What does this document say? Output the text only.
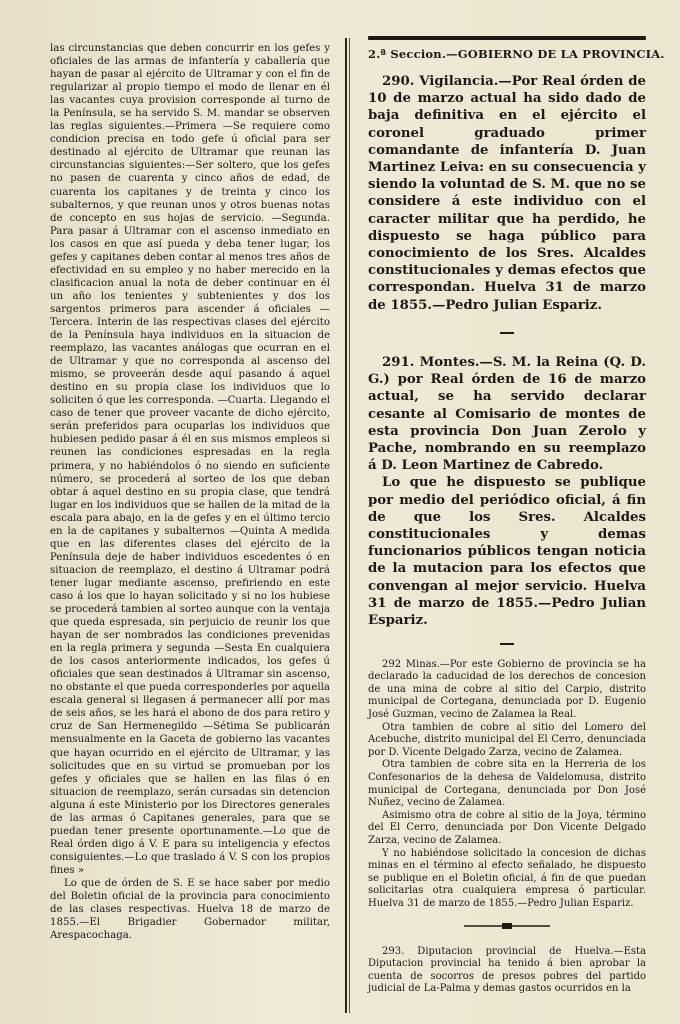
las circunstancias que deben concurrir en los gefes y oficiales de las armas de infantería y caballería que hayan de pasar al ejército de Ultramar y con el fin de regularizar al propio tiempo el modo de llenar en él las vacantes cuya provision corresponde al turno de la Península, se ha servido S. M. mandar se observen las reglas siguientes.—Primera —Se requiere como condicion precisa en todo gefe ú oficial para ser destinado al ejército de Ultramar que reunan las circunstancias siguientes:—Ser soltero, que los gefes no pasen de cuarenta y cinco años de edad, de cuarenta los capitanes y de treinta y cinco los subalternos, y que reunan unos y otros buenas notas de concepto en sus hojas de servicio. —Segunda. Para pasar á Ultramar con el ascenso inmediato en los casos en que así pueda y deba tener lugar, los gefes y capitanes deben contar al menos tres años de efectividad en su empleo y no haber merecido en la clasificacion anual la nota de deber continuar en él un año los tenientes y subtenientes y dos los sargentos primeros para ascender á oficiales —Tercera. Interin de las respectivas clases del ejército de la Península haya individuos en la situacion de reemplazo, las vacantes análogas que ocurran en el de Ultramar y que no corresponda al ascenso del mismo, se proveerán desde aquí pasando á aquel destino en su propia clase los individuos que lo soliciten ó que les corresponda. —Cuarta. Llegando el caso de tener que proveer vacante de dicho ejército, serán preferidos para ocuparlas los individuos que hubiesen pedido pasar á él en sus mismos empleos si reunen las condiciones espresadas en la regla primera, y no habiéndolos ó no siendo en suficiente número, se procederá al sorteo de los que deban obtar á aquel destino en su propia clase, que tendrá lugar en los individuos que se hallen de la mitad de la escala para abajo, en la de gefes y en el último tercio en la de capitanes y subalternos —Quinta A medida que en las diferentes clases del ejército de la Península deje de haber individuos escedentes ó en situacion de reemplazo, el destino á Ultramar podrá tener lugar mediante ascenso, prefiriendo en este caso á los que lo hayan solicitado y si no los hubiese se procederá tambien al sorteo aunque con la ventaja que queda espresada, sin perjuicio de reunir los que hayan de ser nombrados las condiciones prevenidas en la regla primera y segunda —Sesta En cualquiera de los casos anteriormente indicados, los gefes ú oficiales que sean destinados á Ultramar sin ascenso, no obstante el que pueda corresponderles por aquella escala general si llegasen á permanecer allí por mas de seis años, se les hará el abono de dos para retiro y cruz de San Hermenegildo —Sétima Se publicarán mensualmente en la Gaceta de gobierno las vacantes que hayan ocurrido en el ejército de Ultramar, y las solicitudes que en su virtud se promueban por los gefes y oficiales que se hallen en las filas ó en situacion de reemplazo, serán cursadas sin detencion alguna á este Ministerio por los Directores generales de las armas ó Capitanes generales, para que se puedan tener presente oportunamente.—Lo que de Real órden digo á V. E para su inteligencia y efectos consiguientes.—Lo que traslado á V. S con los propios fines »

Lo que de órden de S. E se hace saber por medio del Boletin oficial de la provincia para conocimiento de las clases respectivas. Huelva 18 de marzo de 1855.—El Brigadier Gobernador militar, Arespacochaga.

2.ª Seccion.—GOBIERNO DE LA PROVINCIA.

290. Vigilancia.—Por Real órden de 10 de marzo actual ha sido dado de baja definitiva en el ejército el coronel graduado primer comandante de infantería D. Juan Martinez Leiva: en su consecuencia y siendo la voluntad de S. M. que no se considere á este individuo con el caracter militar que ha perdido, he dispuesto se haga público para conocimiento de los Sres. Alcaldes constitucionales y demas efectos que correspondan. Huelva 31 de marzo de 1855.—Pedro Julian Espariz.

291. Montes.—S. M. la Reina (Q. D. G.) por Real órden de 16 de marzo actual, se ha servido declarar cesante al Comisario de montes de esta provincia Don Juan Zerolo y Pache, nombrando en su reemplazo á D. Leon Martinez de Cabredo.

Lo que he dispuesto se publique por medio del periódico oficial, á fin de que los Sres. Alcaldes constitucionales y demas funcionarios públicos tengan noticia de la mutacion para los efectos que convengan al mejor servicio. Huelva 31 de marzo de 1855.—Pedro Julian Espariz.

292 Minas.—Por este Gobierno de provincia se ha declarado la caducidad de los derechos de concesion de una mina de cobre al sitio del Carpio, distrito municipal de Cortegana, denunciada por D. Eugenio José Guzman, vecino de Zalamea la Real.

Otra tambien de cobre al sitio del Lomero del Acebuche, distrito municipal del El Cerro, denunciada por D. Vicente Delgado Zarza, vecino de Zalamea.

Otra tambien de cobre sita en la Herreria de los Confesonarios de la dehesa de Valdelomusa, distrito municipal de Cortegana, denunciada por Don José Nuñez, vecino de Zalamea.

Asimismo otra de cobre al sitio de la Joya, término del El Cerro, denunciada por Don Vicente Delgado Zarza, vecino de Zalamea.

Y no habiéndose solicitado la concesion de dichas minas en el término al efecto señalado, he dispuesto se publique en el Boletin oficial, á fin de que puedan solicitarlas otra cualquiera empresa ó particular. Huelva 31 de marzo de 1855.—Pedro Julian Espariz.

293. Diputacion provincial de Huelva.—Esta Diputacion provincial ha tenido á bien aprobar la cuenta de socorros de presos pobres del partido judicial de La-Palma y demas gastos ocurridos en la
